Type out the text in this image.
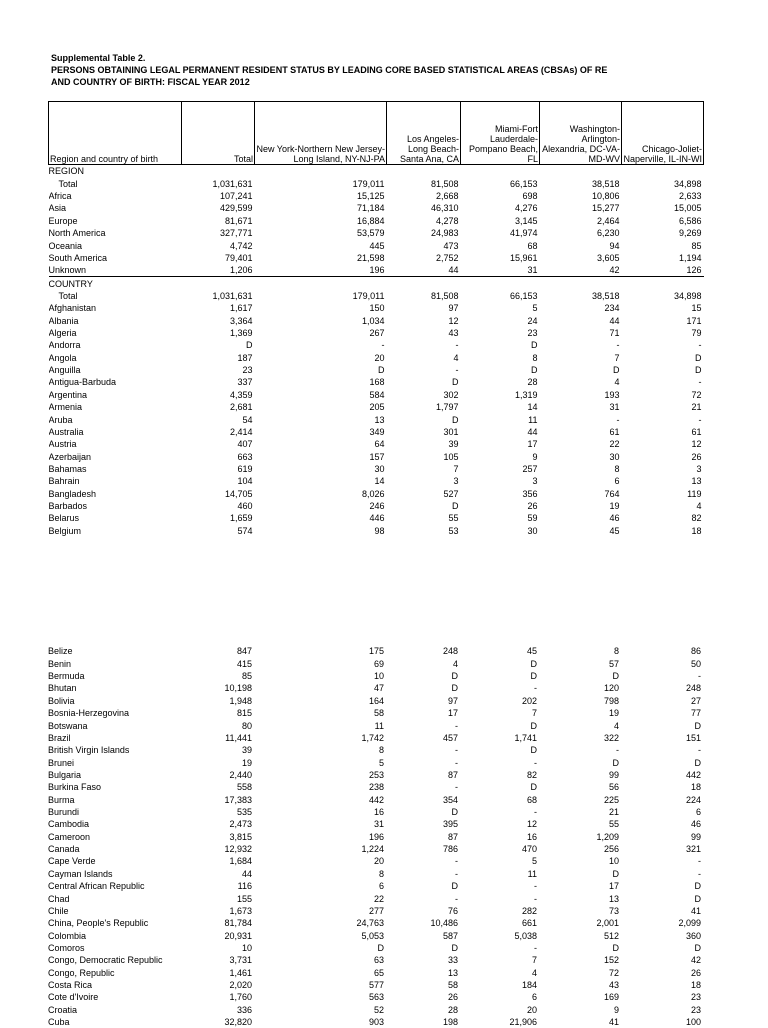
Supplemental Table 2.
PERSONS OBTAINING LEGAL PERMANENT RESIDENT STATUS BY LEADING CORE BASED STATISTICAL AREAS (CBSAs) OF RE
AND COUNTRY OF BIRTH: FISCAL YEAR 2012
Region and country of birth	Total	New York-Northern New Jersey-Long Island, NY-NJ-PA	Los Angeles-Long Beach-Santa Ana, CA	Miami-Fort Lauderdale-Pompano Beach, FL	Washington-Arlington-Alexandria, DC-VA-MD-WV	Chicago-Joliet-Naperville, IL-IN-WI
REGION						
Total	1,031,631	179,011	81,508	66,153	38,518	34,898
Africa	107,241	15,125	2,668	698	10,806	2,633
Asia	429,599	71,184	46,310	4,276	15,277	15,005
Europe	81,671	16,884	4,278	3,145	2,464	6,586
North America	327,771	53,579	24,983	41,974	6,230	9,269
Oceania	4,742	445	473	68	94	85
South America	79,401	21,598	2,752	15,961	3,605	1,194
Unknown	1,206	196	44	31	42	126
COUNTRY						
Total	1,031,631	179,011	81,508	66,153	38,518	34,898
Afghanistan	1,617	150	97	5	234	15
Albania	3,364	1,034	12	24	44	171
Algeria	1,369	267	43	23	71	79
Andorra	D	-	-	D	-	-
Angola	187	20	4	8	7	D
Anguilla	23	D	-	D	D	D
Antigua-Barbuda	337	168	D	28	4	-
Argentina	4,359	584	302	1,319	193	72
Armenia	2,681	205	1,797	14	31	21
Aruba	54	13	D	11	-	-
Australia	2,414	349	301	44	61	61
Austria	407	64	39	17	22	12
Azerbaijan	663	157	105	9	30	26
Bahamas	619	30	7	257	8	3
Bahrain	104	14	3	3	6	13
Bangladesh	14,705	8,026	527	356	764	119
Barbados	460	246	D	26	19	4
Belarus	1,659	446	55	59	46	82
Belgium	574	98	53	30	45	18
Belize	847	175	248	45	8	86
Benin	415	69	4	D	57	50
Bermuda	85	10	D	D	D	-
Bhutan	10,198	47	D	-	120	248
Bolivia	1,948	164	97	202	798	27
Bosnia-Herzegovina	815	58	17	7	19	77
Botswana	80	11	-	D	4	D
Brazil	11,441	1,742	457	1,741	322	151
British Virgin Islands	39	8	-	D	-	-
Brunei	19	5	-	-	D	D
Bulgaria	2,440	253	87	82	99	442
Burkina Faso	558	238	-	D	56	18
Burma	17,383	442	354	68	225	224
Burundi	535	16	D	-	21	6
Cambodia	2,473	31	395	12	55	46
Cameroon	3,815	196	87	16	1,209	99
Canada	12,932	1,224	786	470	256	321
Cape Verde	1,684	20	-	5	10	-
Cayman Islands	44	8	-	11	D	-
Central African Republic	116	6	D	-	17	D
Chad	155	22	-	-	13	D
Chile	1,673	277	76	282	73	41
China, People's Republic	81,784	24,763	10,486	661	2,001	2,099
Colombia	20,931	5,053	587	5,038	512	360
Comoros	10	D	D	-	D	D
Congo, Democratic Republic	3,731	63	33	7	152	42
Congo, Republic	1,461	65	13	4	72	26
Costa Rica	2,020	577	58	184	43	18
Cote d'Ivoire	1,760	563	26	6	169	23
Croatia	336	52	28	20	9	23
Cuba	32,820	903	198	21,906	41	100
